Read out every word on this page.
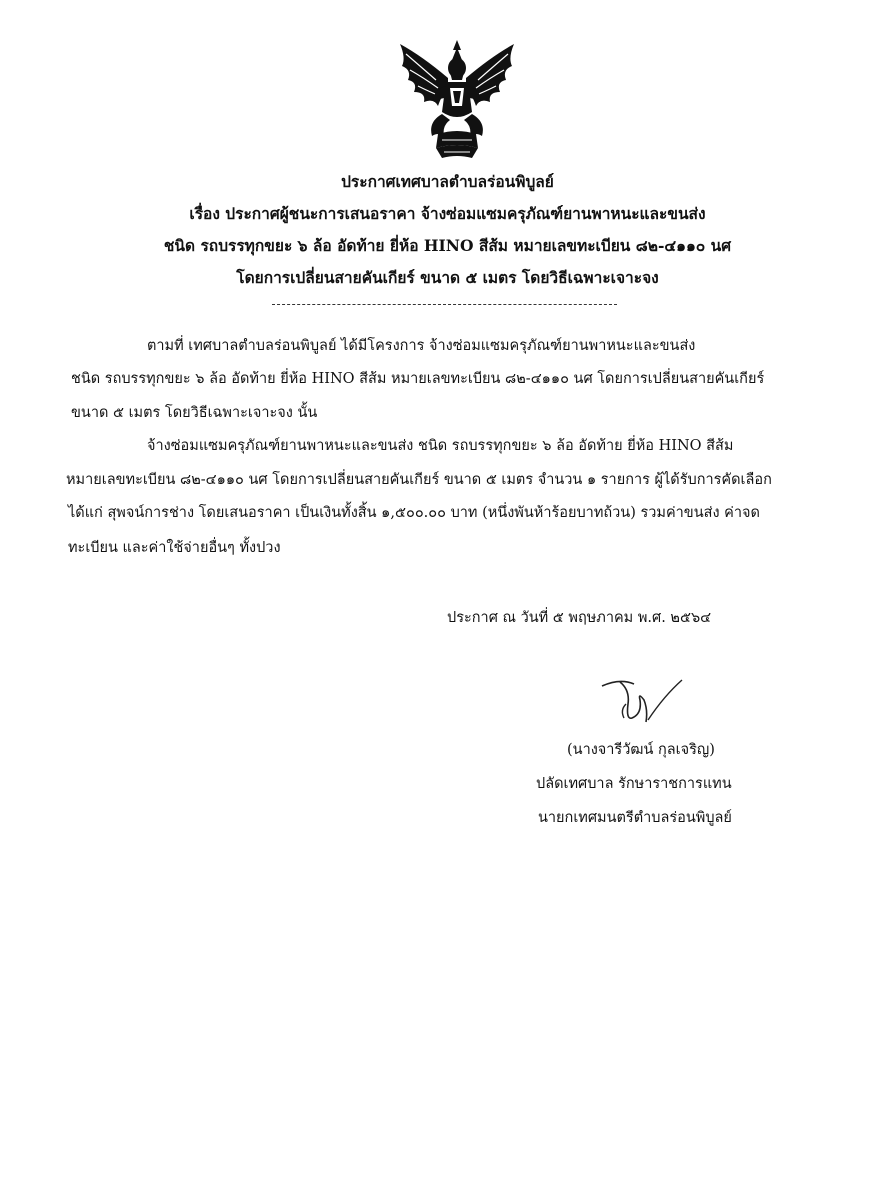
ประกาศเทศบาลตำบลร่อนพิบูลย์
เรื่อง ประกาศผู้ชนะการเสนอราคา จ้างซ่อมแซมครุภัณฑ์ยานพาหนะและขนส่ง
ชนิด รถบรรทุกขยะ ๖ ล้อ อัดท้าย ยี่ห้อ HINO สีส้ม หมายเลขทะเบียน ๘๒-๔๑๑๐ นศ
โดยการเปลี่ยนสายคันเกียร์ ขนาด ๕ เมตร โดยวิธีเฉพาะเจาะจง
ตามที่ เทศบาลตำบลร่อนพิบูลย์ ได้มีโครงการ จ้างซ่อมแซมครุภัณฑ์ยานพาหนะและขนส่ง
ชนิด รถบรรทุกขยะ ๖ ล้อ อัดท้าย ยี่ห้อ HINO สีส้ม หมายเลขทะเบียน ๘๒-๔๑๑๐ นศ โดยการเปลี่ยนสายคันเกียร์
ขนาด ๕ เมตร โดยวิธีเฉพาะเจาะจง นั้น
จ้างซ่อมแซมครุภัณฑ์ยานพาหนะและขนส่ง ชนิด รถบรรทุกขยะ ๖ ล้อ อัดท้าย ยี่ห้อ HINO สีส้ม
หมายเลขทะเบียน ๘๒-๔๑๑๐ นศ โดยการเปลี่ยนสายคันเกียร์ ขนาด ๕ เมตร จำนวน ๑ รายการ ผู้ได้รับการคัดเลือก
ได้แก่ สุพจน์การช่าง โดยเสนอราคา เป็นเงินทั้งสิ้น ๑,๕๐๐.๐๐ บาท (หนึ่งพันห้าร้อยบาทถ้วน) รวมค่าขนส่ง ค่าจด
ทะเบียน และค่าใช้จ่ายอื่นๆ ทั้งปวง
ประกาศ ณ วันที่ ๕ พฤษภาคม พ.ศ. ๒๕๖๔
(นางจารีวัฒน์ กุลเจริญ)
ปลัดเทศบาล รักษาราชการแทน
นายกเทศมนตรีตำบลร่อนพิบูลย์
